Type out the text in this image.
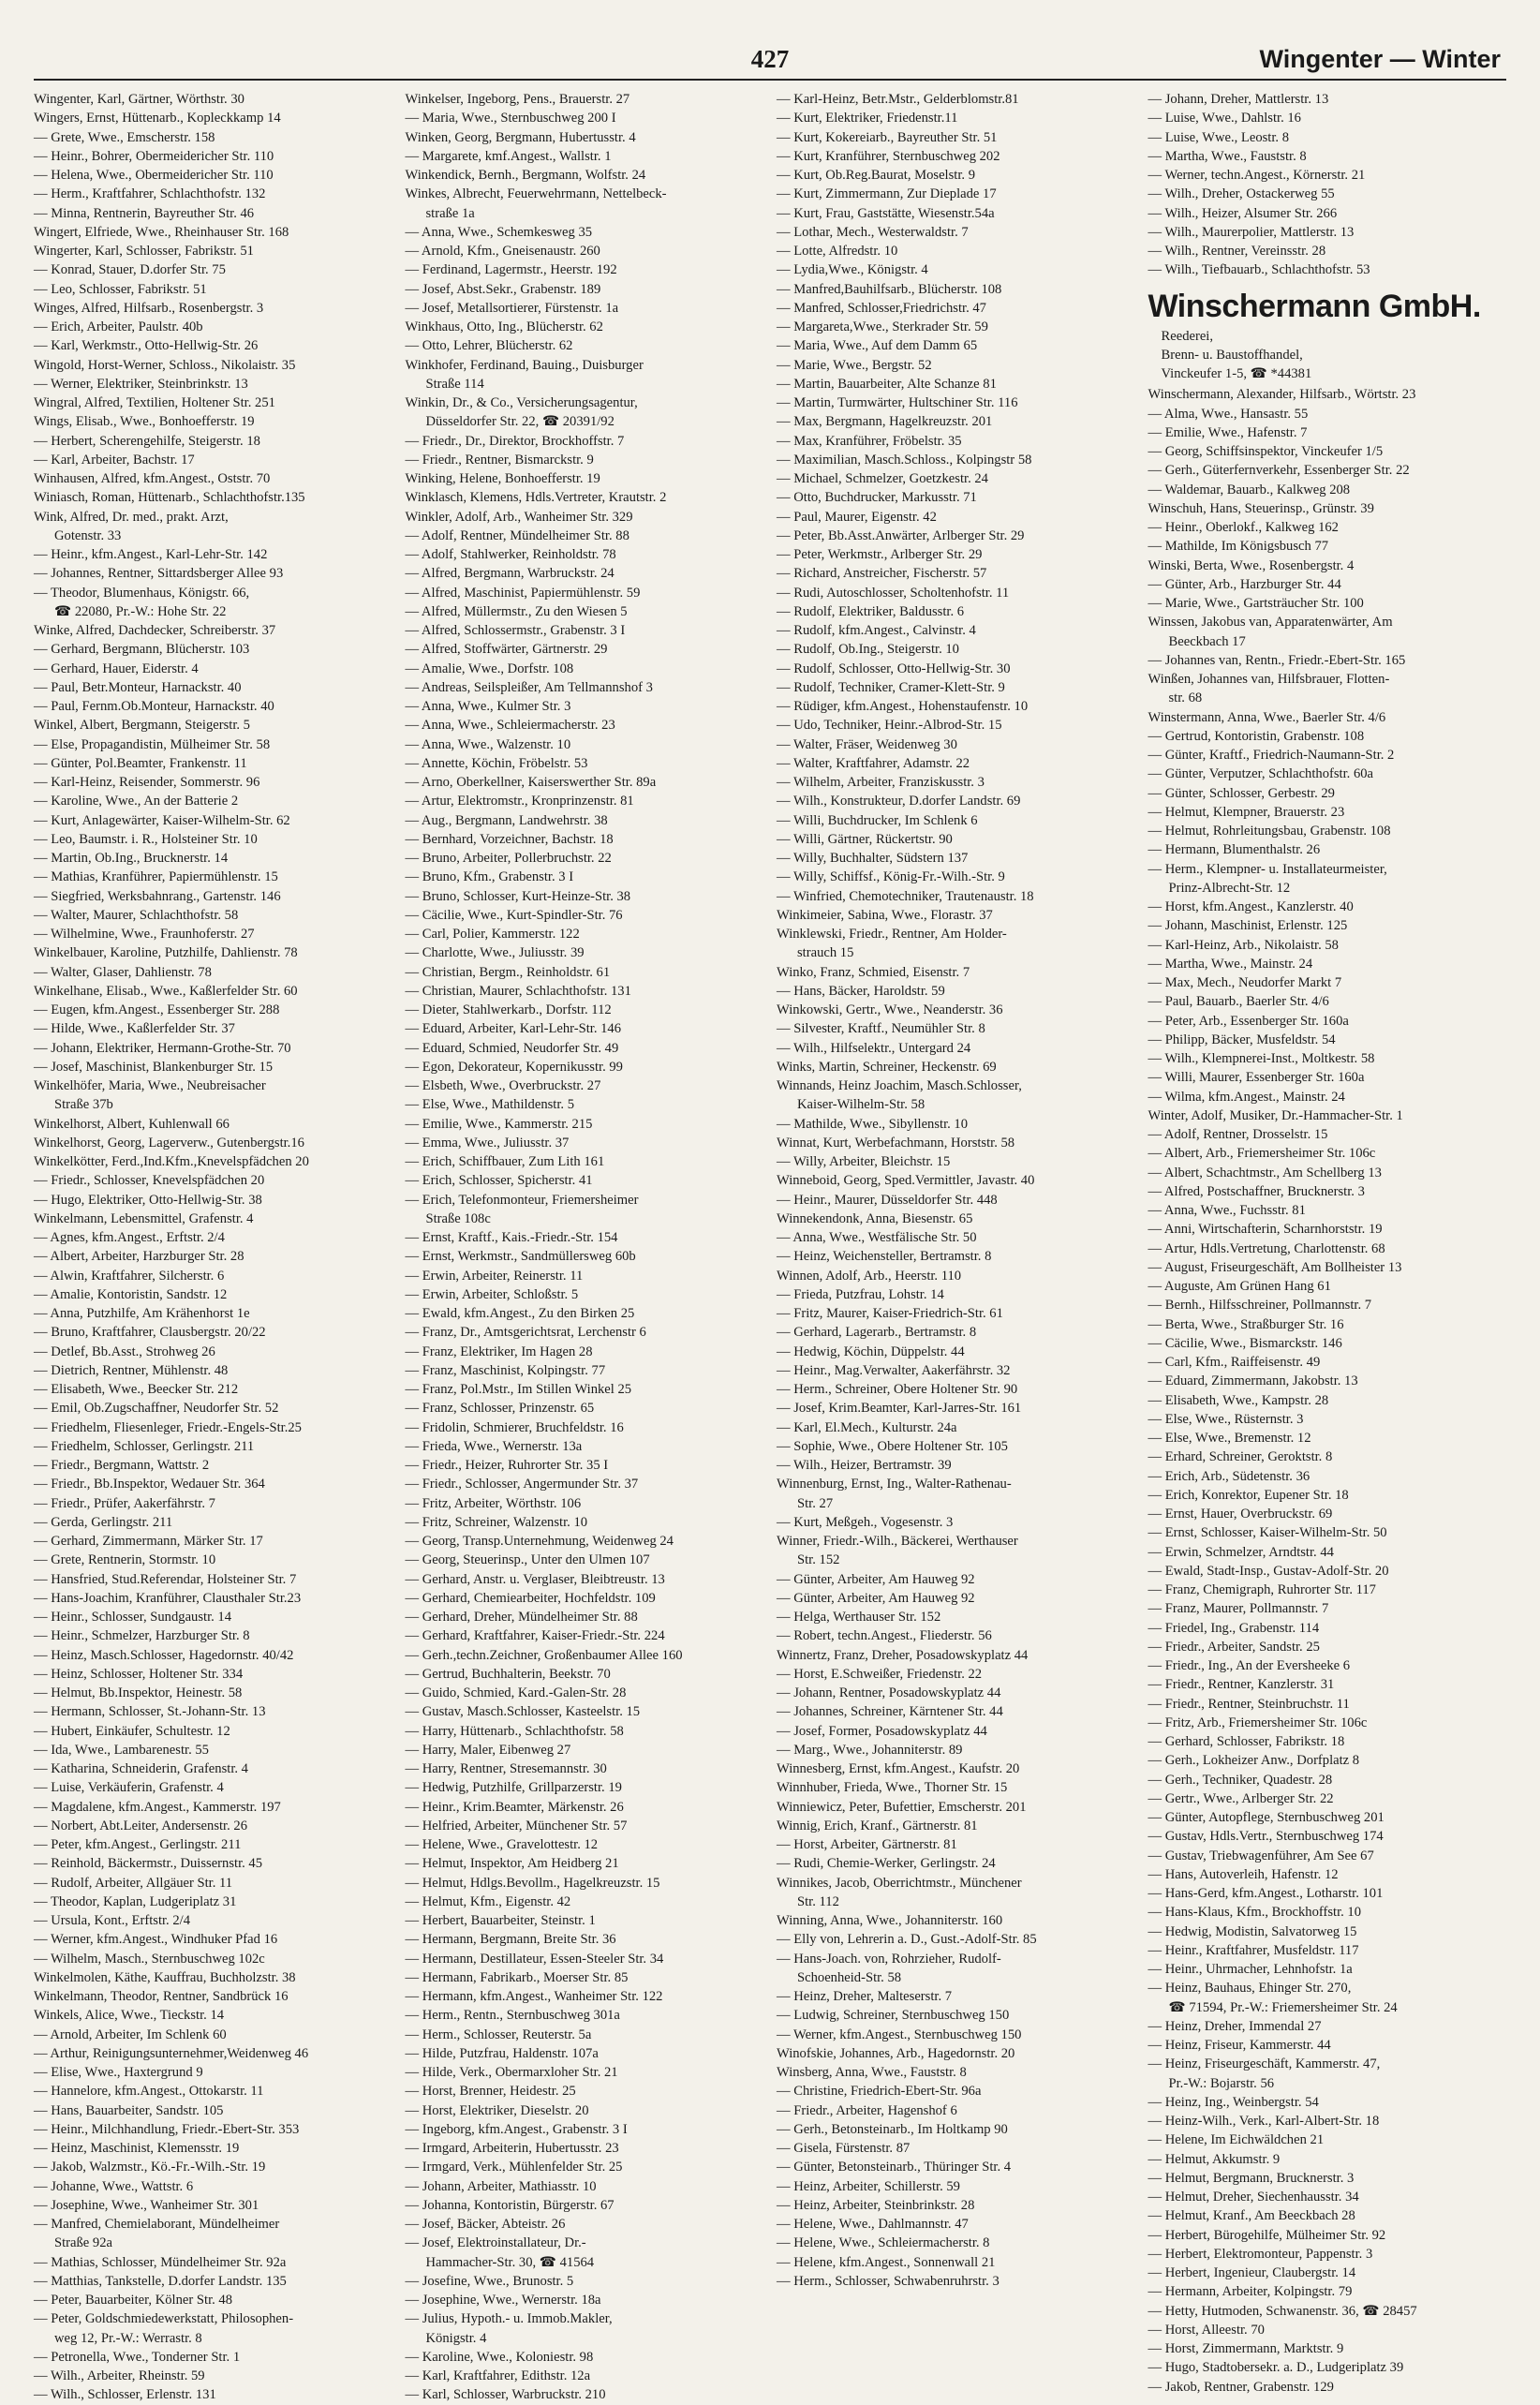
427	Wingenter — Winter
Wingenter, Karl, Gärtner, Wörthstr. 30
Wingers, Ernst, Hüttenarb., Kopleckkamp 14
— Grete, Wwe., Emscherstr. 158
— Heinr., Bohrer, Obermeidericher Str. 110
— Helena, Wwe., Obermeidericher Str. 110
— Herm., Kraftfahrer, Schlachthofstr. 132
— Minna, Rentnerin, Bayreuther Str. 46
Wingert, Elfriede, Wwe., Rheinhauser Str. 168
Wingerter, Karl, Schlosser, Fabrikstr. 51
— Konrad, Stauer, D.dorfer Str. 75
— Leo, Schlosser, Fabrikstr. 51
Winges, Alfred, Hilfsarb., Rosenbergstr. 3
— Erich, Arbeiter, Paulstr. 40b
— Karl, Werkmstr., Otto-Hellwig-Str. 26
Wingold, Horst-Werner, Schloss., Nikolaistr. 35
— Werner, Elektriker, Steinbrinkstr. 13
Wingral, Alfred, Textilien, Holtener Str. 251
Wings, Elisab., Wwe., Bonhoefferstr. 19
— Herbert, Scherengehilfe, Steigerstr. 18
— Karl, Arbeiter, Bachstr. 17
Winhausen, Alfred, kfm.Angest., Oststr. 70
Winiasch, Roman, Hüttenarb., Schlachthofstr.135
Wink, Alfred, Dr. med., prakt. Arzt,
Gotenstr. 33
— Heinr., kfm.Angest., Karl-Lehr-Str. 142
— Johannes, Rentner, Sittardsberger Allee 93
— Theodor, Blumenhaus, Königstr. 66,
☎ 22080, Pr.-W.: Hohe Str. 22
Winke, Alfred, Dachdecker, Schreiberstr. 37
— Gerhard, Bergmann, Blücherstr. 103
— Gerhard, Hauer, Eiderstr. 4
— Paul, Betr.Monteur, Harnackstr. 40
— Paul, Fernm.Ob.Monteur, Harnackstr. 40
Winkel, Albert, Bergmann, Steigerstr. 5
— Else, Propagandistin, Mülheimer Str. 58
— Günter, Pol.Beamter, Frankenstr. 11
— Karl-Heinz, Reisender, Sommerstr. 96
— Karoline, Wwe., An der Batterie 2
— Kurt, Anlagewärter, Kaiser-Wilhelm-Str. 62
— Leo, Baumstr. i. R., Holsteiner Str. 10
— Martin, Ob.Ing., Brucknerstr. 14
— Mathias, Kranführer, Papiermühlenstr. 15
— Siegfried, Werksbahnrang., Gartenstr. 146
— Walter, Maurer, Schlachthofstr. 58
— Wilhelmine, Wwe., Fraunhoferstr. 27
Winkelbauer, Karoline, Putzhilfe, Dahlienstr. 78
— Walter, Glaser, Dahlienstr. 78
Winkelhane, Elisab., Wwe., Kaßlerfelder Str. 60
— Eugen, kfm.Angest., Essenberger Str. 288
— Hilde, Wwe., Kaßlerfelder Str. 37
— Johann, Elektriker, Hermann-Grothe-Str. 70
— Josef, Maschinist, Blankenburger Str. 15
Winkelhöfer, Maria, Wwe., Neubreisacher
Straße 37b
Winkelhorst, Albert, Kuhlenwall 66
Winkelhorst, Georg, Lagerverw., Gutenbergstr.16
Winkelkötter, Ferd.,Ind.Kfm.,Knevelspfädchen 20
— Friedr., Schlosser, Knevelspfädchen 20
— Hugo, Elektriker, Otto-Hellwig-Str. 38
Winkelmann, Lebensmittel, Grafenstr. 4
— Agnes, kfm.Angest., Erftstr. 2/4
— Albert, Arbeiter, Harzburger Str. 28
— Alwin, Kraftfahrer, Silcherstr. 6
— Amalie, Kontoristin, Sandstr. 12
— Anna, Putzhilfe, Am Krähenhorst 1e
— Bruno, Kraftfahrer, Clausbergstr. 20/22
— Detlef, Bb.Asst., Strohweg 26
— Dietrich, Rentner, Mühlenstr. 48
— Elisabeth, Wwe., Beecker Str. 212
— Emil, Ob.Zugschaffner, Neudorfer Str. 52
— Friedhelm, Fliesenleger, Friedr.-Engels-Str.25
— Friedhelm, Schlosser, Gerlingstr. 211
— Friedr., Bergmann, Wattstr. 2
— Friedr., Bb.Inspektor, Wedauer Str. 364
— Friedr., Prüfer, Aakerfährstr. 7
— Gerda, Gerlingstr. 211
— Gerhard, Zimmermann, Märker Str. 17
— Grete, Rentnerin, Stormstr. 10
— Hansfried, Stud.Referendar, Holsteiner Str. 7
— Hans-Joachim, Kranführer, Clausthaler Str.23
— Heinr., Schlosser, Sundgaustr. 14
— Heinr., Schmelzer, Harzburger Str. 8
— Heinz, Masch.Schlosser, Hagedornstr. 40/42
— Heinz, Schlosser, Holtener Str. 334
— Helmut, Bb.Inspektor, Heinestr. 58
— Hermann, Schlosser, St.-Johann-Str. 13
— Hubert, Einkäufer, Schultestr. 12
— Ida, Wwe., Lambarenestr. 55
— Katharina, Schneiderin, Grafenstr. 4
— Luise, Verkäuferin, Grafenstr. 4
— Magdalene, kfm.Angest., Kammerstr. 197
— Norbert, Abt.Leiter, Andersenstr. 26
— Peter, kfm.Angest., Gerlingstr. 211
— Reinhold, Bäckermstr., Duissernstr. 45
— Rudolf, Arbeiter, Allgäuer Str. 11
— Theodor, Kaplan, Ludgeriplatz 31
— Ursula, Kont., Erftstr. 2/4
— Werner, kfm.Angest., Windhuker Pfad 16
— Wilhelm, Masch., Sternbuschweg 102c
Winkelmolen, Käthe, Kauffrau, Buchholzstr. 38
Winkelmann, Theodor, Rentner, Sandbrück 16
Winkels, Alice, Wwe., Tieckstr. 14
— Arnold, Arbeiter, Im Schlenk 60
— Arthur, Reinigungsunternehmer,Weidenweg 46
— Elise, Wwe., Haxtergrund 9
— Hannelore, kfm.Angest., Ottokarstr. 11
— Hans, Bauarbeiter, Sandstr. 105
— Heinr., Milchhandlung, Friedr.-Ebert-Str. 353
— Heinz, Maschinist, Klemensstr. 19
— Jakob, Walzmstr., Kö.-Fr.-Wilh.-Str. 19
— Johanne, Wwe., Wattstr. 6
— Josephine, Wwe., Wanheimer Str. 301
— Manfred, Chemielaborant, Mündelheimer
Straße 92a
— Mathias, Schlosser, Mündelheimer Str. 92a
— Matthias, Tankstelle, D.dorfer Landstr. 135
— Peter, Bauarbeiter, Kölner Str. 48
— Peter, Goldschmiedewerkstatt, Philosophen-
weg 12, Pr.-W.: Werrastr. 8
— Petronella, Wwe., Tonderner Str. 1
— Wilh., Arbeiter, Rheinstr. 59
— Wilh., Schlosser, Erlenstr. 131
Winkelser, Ingeborg, Pens., Brauerstr. 27
— Maria, Wwe., Sternbuschweg 200 I
Winken, Georg, Bergmann, Hubertusstr. 4
— Margarete, kmf.Angest., Wallstr. 1
Winkendick, Bernh., Bergmann, Wolfstr. 24
Winkes, Albrecht, Feuerwehrmann, Nettelbeck-
straße 1a
— Anna, Wwe., Schemkesweg 35
— Arnold, Kfm., Gneisenaustr. 260
— Ferdinand, Lagermstr., Heerstr. 192
— Josef, Abst.Sekr., Grabenstr. 189
— Josef, Metallsortierer, Fürstenstr. 1a
Winkhaus, Otto, Ing., Blücherstr. 62
— Otto, Lehrer, Blücherstr. 62
Winkhofer, Ferdinand, Bauing., Duisburger
Straße 114
Winkin, Dr., & Co., Versicherungsagentur,
Düsseldorfer Str. 22, ☎ 20391/92
— Friedr., Dr., Direktor, Brockhoffstr. 7
— Friedr., Rentner, Bismarckstr. 9
Winking, Helene, Bonhoefferstr. 19
Winklasch, Klemens, Hdls.Vertreter, Krautstr. 2
Winkler, Adolf, Arb., Wanheimer Str. 329
— Adolf, Rentner, Mündelheimer Str. 88
— Adolf, Stahlwerker, Reinholdstr. 78
— Alfred, Bergmann, Warbruckstr. 24
— Alfred, Maschinist, Papiermühlenstr. 59
— Alfred, Müllermstr., Zu den Wiesen 5
— Alfred, Schlossermstr., Grabenstr. 3 I
— Alfred, Stoffwärter, Gärtnerstr. 29
— Amalie, Wwe., Dorfstr. 108
— Andreas, Seilspleißer, Am Tellmannshof 3
— Anna, Wwe., Kulmer Str. 3
— Anna, Wwe., Schleiermacherstr. 23
— Anna, Wwe., Walzenstr. 10
— Annette, Köchin, Fröbelstr. 53
— Arno, Oberkellner, Kaiserswerther Str. 89a
— Artur, Elektromstr., Kronprinzenstr. 81
— Aug., Bergmann, Landwehrstr. 38
— Bernhard, Vorzeichner, Bachstr. 18
— Bruno, Arbeiter, Pollerbruchstr. 22
— Bruno, Kfm., Grabenstr. 3 I
— Bruno, Schlosser, Kurt-Heinze-Str. 38
— Cäcilie, Wwe., Kurt-Spindler-Str. 76
— Carl, Polier, Kammerstr. 122
— Charlotte, Wwe., Juliusstr. 39
— Christian, Bergm., Reinholdstr. 61
— Christian, Maurer, Schlachthofstr. 131
— Dieter, Stahlwerkarb., Dorfstr. 112
— Eduard, Arbeiter, Karl-Lehr-Str. 146
— Eduard, Schmied, Neudorfer Str. 49
— Egon, Dekorateur, Kopernikusstr. 99
— Elsbeth, Wwe., Overbruckstr. 27
— Else, Wwe., Mathildenstr. 5
— Emilie, Wwe., Kammerstr. 215
— Emma, Wwe., Juliusstr. 37
— Erich, Schiffbauer, Zum Lith 161
— Erich, Schlosser, Spicherstr. 41
— Erich, Telefonmonteur, Friemersheimer
Straße 108c
— Ernst, Kraftf., Kais.-Friedr.-Str. 154
— Ernst, Werkmstr., Sandmüllersweg 60b
— Erwin, Arbeiter, Reinerstr. 11
— Erwin, Arbeiter, Schloßstr. 5
— Ewald, kfm.Angest., Zu den Birken 25
— Franz, Dr., Amtsgerichtsrat, Lerchenstr 6
— Franz, Elektriker, Im Hagen 28
— Franz, Maschinist, Kolpingstr. 77
— Franz, Pol.Mstr., Im Stillen Winkel 25
— Franz, Schlosser, Prinzenstr. 65
— Fridolin, Schmierer, Bruchfeldstr. 16
— Frieda, Wwe., Wernerstr. 13a
— Friedr., Heizer, Ruhrorter Str. 35 I
— Friedr., Schlosser, Angermunder Str. 37
— Fritz, Arbeiter, Wörthstr. 106
— Fritz, Schreiner, Walzenstr. 10
— Georg, Transp.Unternehmung, Weidenweg 24
— Georg, Steuerinsp., Unter den Ulmen 107
— Gerhard, Anstr. u. Verglaser, Bleibtreustr. 13
— Gerhard, Chemiearbeiter, Hochfeldstr. 109
— Gerhard, Dreher, Mündelheimer Str. 88
— Gerhard, Kraftfahrer, Kaiser-Friedr.-Str. 224
— Gerh.,techn.Zeichner, Großenbaumer Allee 160
— Gertrud, Buchhalterin, Beekstr. 70
— Guido, Schmied, Kard.-Galen-Str. 28
— Gustav, Masch.Schlosser, Kasteelstr. 15
— Harry, Hüttenarb., Schlachthofstr. 58
— Harry, Maler, Eibenweg 27
— Harry, Rentner, Stresemannstr. 30
— Hedwig, Putzhilfe, Grillparzerstr. 19
— Heinr., Krim.Beamter, Märkenstr. 26
— Helfried, Arbeiter, Münchener Str. 57
— Helene, Wwe., Gravelottestr. 12
— Helmut, Inspektor, Am Heidberg 21
— Helmut, Hdlgs.Bevollm., Hagelkreuzstr. 15
— Helmut, Kfm., Eigenstr. 42
— Herbert, Bauarbeiter, Steinstr. 1
— Hermann, Bergmann, Breite Str. 36
— Hermann, Destillateur, Essen-Steeler Str. 34
— Hermann, Fabrikarb., Moerser Str. 85
— Hermann, kfm.Angest., Wanheimer Str. 122
— Herm., Rentn., Sternbuschweg 301a
— Herm., Schlosser, Reuterstr. 5a
— Hilde, Putzfrau, Haldenstr. 107a
— Hilde, Verk., Obermarxloher Str. 21
— Horst, Brenner, Heidestr. 25
— Horst, Elektriker, Dieselstr. 20
— Ingeborg, kfm.Angest., Grabenstr. 3 I
— Irmgard, Arbeiterin, Hubertusstr. 23
— Irmgard, Verk., Mühlenfelder Str. 25
— Johann, Arbeiter, Mathiasstr. 10
— Johanna, Kontoristin, Bürgerstr. 67
— Josef, Bäcker, Abteistr. 26
— Josef, Elektroinstallateur, Dr.-
Hammacher-Str. 30, ☎ 41564
— Josefine, Wwe., Brunostr. 5
— Josephine, Wwe., Wernerstr. 18a
— Julius, Hypoth.- u. Immob.Makler,
Königstr. 4
— Karoline, Wwe., Koloniestr. 98
— Karl, Kraftfahrer, Edithstr. 12a
— Karl, Schlosser, Warbruckstr. 210
— Karl-Heinz, Betr.Mstr., Gelderblomstr.81
— Kurt, Elektriker, Friedenstr.11
— Kurt, Kokereiarb., Bayreuther Str. 51
— Kurt, Kranführer, Sternbuschweg 202
— Kurt, Ob.Reg.Baurat, Moselstr. 9
— Kurt, Zimmermann, Zur Dieplade 17
— Kurt, Frau, Gaststätte, Wiesenstr.54a
— Lothar, Mech., Westerwaldstr. 7
— Lotte, Alfredstr. 10
— Lydia,Wwe., Königstr. 4
— Manfred,Bauhilfsarb., Blücherstr. 108
— Manfred, Schlosser,Friedrichstr. 47
— Margareta,Wwe., Sterkrader Str. 59
— Maria, Wwe., Auf dem Damm 65
— Marie, Wwe., Bergstr. 52
— Martin, Bauarbeiter, Alte Schanze 81
— Martin, Turmwärter, Hultschiner Str. 116
— Max, Bergmann, Hagelkreuzstr. 201
— Max, Kranführer, Fröbelstr. 35
— Maximilian, Masch.Schloss., Kolpingstr 58
— Michael, Schmelzer, Goetzkestr. 24
— Otto, Buchdrucker, Markusstr. 71
— Paul, Maurer, Eigenstr. 42
— Peter, Bb.Asst.Anwärter, Arlberger Str. 29
— Peter, Werkmstr., Arlberger Str. 29
— Richard, Anstreicher, Fischerstr. 57
— Rudi, Autoschlosser, Scholtenhofstr. 11
— Rudolf, Elektriker, Baldusstr. 6
— Rudolf, kfm.Angest., Calvinstr. 4
— Rudolf, Ob.Ing., Steigerstr. 10
— Rudolf, Schlosser, Otto-Hellwig-Str. 30
— Rudolf, Techniker, Cramer-Klett-Str. 9
— Rüdiger, kfm.Angest., Hohenstaufenstr. 10
— Udo, Techniker, Heinr.-Albrod-Str. 15
— Walter, Fräser, Weidenweg 30
— Walter, Kraftfahrer, Adamstr. 22
— Wilhelm, Arbeiter, Franziskusstr. 3
— Wilh., Konstrukteur, D.dorfer Landstr. 69
— Willi, Buchdrucker, Im Schlenk 6
— Willi, Gärtner, Rückertstr. 90
— Willy, Buchhalter, Südstern 137
— Willy, Schiffsf., König-Fr.-Wilh.-Str. 9
— Winfried, Chemotechniker, Trautenaustr. 18
Winkimeier, Sabina, Wwe., Florastr. 37
Winklewski, Friedr., Rentner, Am Holder-
strauch 15
Winko, Franz, Schmied, Eisenstr. 7
— Hans, Bäcker, Haroldstr. 59
Winkowski, Gertr., Wwe., Neanderstr. 36
— Silvester, Kraftf., Neumühler Str. 8
— Wilh., Hilfselektr., Untergard 24
Winks, Martin, Schreiner, Heckenstr. 69
Winnands, Heinz Joachim, Masch.Schlosser,
Kaiser-Wilhelm-Str. 58
— Mathilde, Wwe., Sibyllenstr. 10
Winnat, Kurt, Werbefachmann, Horststr. 58
— Willy, Arbeiter, Bleichstr. 15
Winneboid, Georg, Sped.Vermittler, Javastr. 40
— Heinr., Maurer, Düsseldorfer Str. 448
Winnekendonk, Anna, Biesenstr. 65
— Anna, Wwe., Westfälische Str. 50
— Heinz, Weichensteller, Bertramstr. 8
Winnen, Adolf, Arb., Heerstr. 110
— Frieda, Putzfrau, Lohstr. 14
— Fritz, Maurer, Kaiser-Friedrich-Str. 61
— Gerhard, Lagerarb., Bertramstr. 8
— Hedwig, Köchin, Düppelstr. 44
— Heinr., Mag.Verwalter, Aakerfährstr. 32
— Herm., Schreiner, Obere Holtener Str. 90
— Josef, Krim.Beamter, Karl-Jarres-Str. 161
— Karl, El.Mech., Kulturstr. 24a
— Sophie, Wwe., Obere Holtener Str. 105
— Wilh., Heizer, Bertramstr. 39
Winnenburg, Ernst, Ing., Walter-Rathenau-
Str. 27
— Kurt, Meßgeh., Vogesenstr. 3
Winner, Friedr.-Wilh., Bäckerei, Werthauser
Str. 152
— Günter, Arbeiter, Am Hauweg 92
— Günter, Arbeiter, Am Hauweg 92
— Helga, Werthauser Str. 152
— Robert, techn.Angest., Fliederstr. 56
Winnertz, Franz, Dreher, Posadowskyplatz 44
— Horst, E.Schweißer, Friedenstr. 22
— Johann, Rentner, Posadowskyplatz 44
— Johannes, Schreiner, Kärntener Str. 44
— Josef, Former, Posadowskyplatz 44
— Marg., Wwe., Johanniterstr. 89
Winnesberg, Ernst, kfm.Angest., Kaufstr. 20
Winnhuber, Frieda, Wwe., Thorner Str. 15
Winniewicz, Peter, Bufettier, Emscherstr. 201
Winnig, Erich, Kranf., Gärtnerstr. 81
— Horst, Arbeiter, Gärtnerstr. 81
— Rudi, Chemie-Werker, Gerlingstr. 24
Winnikes, Jacob, Oberrichtmstr., Münchener
Str. 112
Winning, Anna, Wwe., Johanniterstr. 160
— Elly von, Lehrerin a. D., Gust.-Adolf-Str. 85
— Hans-Joach. von, Rohrzieher, Rudolf-
Schoenheid-Str. 58
— Heinz, Dreher, Malteserstr. 7
— Ludwig, Schreiner, Sternbuschweg 150
— Werner, kfm.Angest., Sternbuschweg 150
Winofskie, Johannes, Arb., Hagedornstr. 20
Winsberg, Anna, Wwe., Fauststr. 8
— Christine, Friedrich-Ebert-Str. 96a
— Friedr., Arbeiter, Hagenshof 6
— Gerh., Betonsteinarb., Im Holtkamp 90
— Gisela, Fürstenstr. 87
— Günter, Betonsteinarb., Thüringer Str. 4
— Heinz, Arbeiter, Schillerstr. 59
— Heinz, Arbeiter, Steinbrinkstr. 28
— Helene, Wwe., Dahlmannstr. 47
— Helene, Wwe., Schleiermacherstr. 8
— Helene, kfm.Angest., Sonnenwall 21
— Herm., Schlosser, Schwabenruhrstr. 3
— Johann, Dreher, Mattlerstr. 13
— Luise, Wwe., Dahlstr. 16
— Luise, Wwe., Leostr. 8
— Martha, Wwe., Fauststr. 8
— Werner, techn.Angest., Körnerstr. 21
— Wilh., Dreher, Ostackerweg 55
— Wilh., Heizer, Alsumer Str. 266
— Wilh., Maurerpolier, Mattlerstr. 13
— Wilh., Rentner, Vereinsstr. 28
— Wilh., Tiefbauarb., Schlachthofstr. 53
Winschermann GmbH.
Reederei,
Brenn- u. Baustoffhandel,
Vinckeufer 1-5, ☎ *44381
Winschermann, Alexander, Hilfsarb., Wörtstr. 23
— Alma, Wwe., Hansastr. 55
— Emilie, Wwe., Hafenstr. 7
— Georg, Schiffsinspektor, Vinckeufer 1/5
— Gerh., Güterfernverkehr, Essenberger Str. 22
— Waldemar, Bauarb., Kalkweg 208
Winschuh, Hans, Steuerinsp., Grünstr. 39
— Heinr., Oberlokf., Kalkweg 162
— Mathilde, Im Königsbusch 77
Winski, Berta, Wwe., Rosenbergstr. 4
— Günter, Arb., Harzburger Str. 44
— Marie, Wwe., Gartsträucher Str. 100
Winssen, Jakobus van, Apparatenwärter, Am
Beeckbach 17
— Johannes van, Rentn., Friedr.-Ebert-Str. 165
Winßen, Johannes van, Hilfsbrauer, Flotten-
str. 68
Winstermann, Anna, Wwe., Baerler Str. 4/6
— Gertrud, Kontoristin, Grabenstr. 108
— Günter, Kraftf., Friedrich-Naumann-Str. 2
— Günter, Verputzer, Schlachthofstr. 60a
— Günter, Schlosser, Gerbestr. 29
— Helmut, Klempner, Brauerstr. 23
— Helmut, Rohrleitungsbau, Grabenstr. 108
— Hermann, Blumenthalstr. 26
— Herm., Klempner- u. Installateurmeister,
Prinz-Albrecht-Str. 12
— Horst, kfm.Angest., Kanzlerstr. 40
— Johann, Maschinist, Erlenstr. 125
— Karl-Heinz, Arb., Nikolaistr. 58
— Martha, Wwe., Mainstr. 24
— Max, Mech., Neudorfer Markt 7
— Paul, Bauarb., Baerler Str. 4/6
— Peter, Arb., Essenberger Str. 160a
— Philipp, Bäcker, Musfeldstr. 54
— Wilh., Klempnerei-Inst., Moltkestr. 58
— Willi, Maurer, Essenberger Str. 160a
— Wilma, kfm.Angest., Mainstr. 24
Winter, Adolf, Musiker, Dr.-Hammacher-Str. 1
— Adolf, Rentner, Drosselstr. 15
— Albert, Arb., Friemersheimer Str. 106c
— Albert, Schachtmstr., Am Schellberg 13
— Alfred, Postschaffner, Brucknerstr. 3
— Anna, Wwe., Fuchsstr. 81
— Anni, Wirtschafterin, Scharnhorststr. 19
— Artur, Hdls.Vertretung, Charlottenstr. 68
— August, Friseurgeschäft, Am Bollheister 13
— Auguste, Am Grünen Hang 61
— Bernh., Hilfsschreiner, Pollmannstr. 7
— Berta, Wwe., Straßburger Str. 16
— Cäcilie, Wwe., Bismarckstr. 146
— Carl, Kfm., Raiffeisenstr. 49
— Eduard, Zimmermann, Jakobstr. 13
— Elisabeth, Wwe., Kampstr. 28
— Else, Wwe., Rüsternstr. 3
— Else, Wwe., Bremenstr. 12
— Erhard, Schreiner, Geroktstr. 8
— Erich, Arb., Südetenstr. 36
— Erich, Konrektor, Eupener Str. 18
— Ernst, Hauer, Overbruckstr. 69
— Ernst, Schlosser, Kaiser-Wilhelm-Str. 50
— Erwin, Schmelzer, Arndtstr. 44
— Ewald, Stadt-Insp., Gustav-Adolf-Str. 20
— Franz, Chemigraph, Ruhrorter Str. 117
— Franz, Maurer, Pollmannstr. 7
— Friedel, Ing., Grabenstr. 114
— Friedr., Arbeiter, Sandstr. 25
— Friedr., Ing., An der Eversheeke 6
— Friedr., Rentner, Kanzlerstr. 31
— Friedr., Rentner, Steinbruchstr. 11
— Fritz, Arb., Friemersheimer Str. 106c
— Gerhard, Schlosser, Fabrikstr. 18
— Gerh., Lokheizer Anw., Dorfplatz 8
— Gerh., Techniker, Quadestr. 28
— Gertr., Wwe., Arlberger Str. 22
— Günter, Autopflege, Sternbuschweg 201
— Gustav, Hdls.Vertr., Sternbuschweg 174
— Gustav, Triebwagenführer, Am See 67
— Hans, Autoverleih, Hafenstr. 12
— Hans-Gerd, kfm.Angest., Lotharstr. 101
— Hans-Klaus, Kfm., Brockhoffstr. 10
— Hedwig, Modistin, Salvatorweg 15
— Heinr., Kraftfahrer, Musfeldstr. 117
— Heinr., Uhrmacher, Lehnhofstr. 1a
— Heinz, Bauhaus, Ehinger Str. 270,
☎ 71594, Pr.-W.: Friemersheimer Str. 24
— Heinz, Dreher, Immendal 27
— Heinz, Friseur, Kammerstr. 44
— Heinz, Friseurgeschäft, Kammerstr. 47,
Pr.-W.: Bojarstr. 56
— Heinz, Ing., Weinbergstr. 54
— Heinz-Wilh., Verk., Karl-Albert-Str. 18
— Helene, Im Eichwäldchen 21
— Helmut, Akkumstr. 9
— Helmut, Bergmann, Brucknerstr. 3
— Helmut, Dreher, Siechenhausstr. 34
— Helmut, Kranf., Am Beeckbach 28
— Herbert, Bürogehilfe, Mülheimer Str. 92
— Herbert, Elektromonteur, Pappenstr. 3
— Herbert, Ingenieur, Claubergstr. 14
— Hermann, Arbeiter, Kolpingstr. 79
— Hetty, Hutmoden, Schwanenstr. 36, ☎ 28457
— Horst, Alleestr. 70
— Horst, Zimmermann, Marktstr. 9
— Hugo, Stadtobersekr. a. D., Ludgeriplatz 39
— Jakob, Rentner, Grabenstr. 129
